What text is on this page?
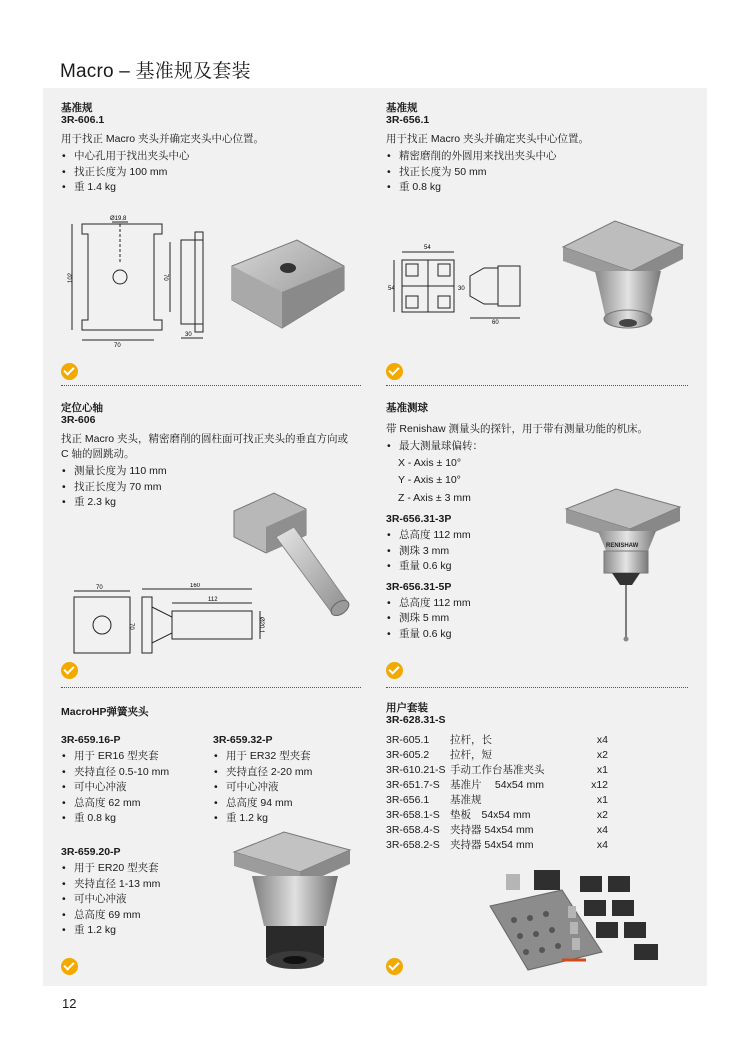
Macro – 基准规及套装
基准规
3R-606.1
用于找正 Macro 夹头并确定夹头中心位置。
• 中心孔用于找出夹头中心
• 找正长度为 100 mm
• 重 1.4 kg
Ø19.8
102	70
70
30
基准规
3R-656.1
用于找正 Macro 夹头并确定夹头中心位置。
• 精密磨削的外圆用来找出夹头中心
• 找正长度为 50 mm
• 重 0.8 kg
54
54	30
60
定位心轴
3R-606
找正 Macro 夹头，精密磨削的圆柱面可找正夹头的垂直方向或 C 轴的圆跳动。
• 测量长度为 110 mm
• 找正长度为 70 mm
• 重 2.3 kg
70	160
112
70	Ø20.1
基准测球
带 Renishaw 测量头的探针，用于带有测量功能的机床。
• 最大测量球偏转：
X - Axis ± 10°
Y - Axis ± 10°
Z - Axis ± 3 mm
3R-656.31-3P
• 总高度 112 mm
• 测珠 3 mm
• 重量 0.6 kg
3R-656.31-5P
• 总高度 112 mm
• 测珠 5 mm
• 重量 0.6 kg
RENISHAW
MacroHP弹簧夹头
3R-659.16-P
• 用于 ER16 型夹套
• 夹持直径 0.5-10 mm
• 可中心冲液
• 总高度 62 mm
• 重 0.8 kg
3R-659.32-P
• 用于 ER32 型夹套
• 夹持直径 2-20 mm
• 可中心冲液
• 总高度 94 mm
• 重 1.2 kg
3R-659.20-P
• 用于 ER20 型夹套
• 夹持直径 1-13 mm
• 可中心冲液
• 总高度 69 mm
• 重 1.2 kg
用户套装
3R-628.31-S
3R-605.1	拉杆，长	x4
3R-605.2	拉杆，短	x2
3R-610.21-S	手动工作台基准夹头	x1
3R-651.7-S	基准片　 54x54 mm	x12
3R-656.1	基准规	x1
3R-658.1-S	垫板　54x54 mm	x2
3R-658.4-S	夹持器 54x54 mm	x4
3R-658.2-S	夹持器 54x54 mm	x4
12
